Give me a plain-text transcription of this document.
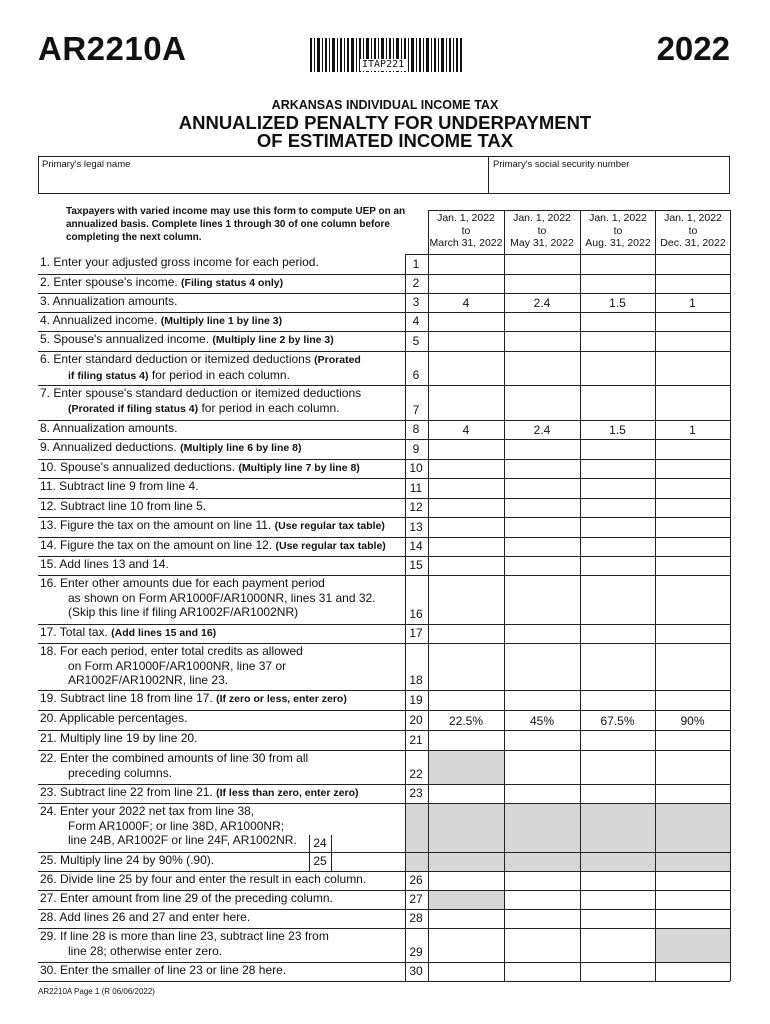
AR2210A	2022
ITAP221
ARKANSAS INDIVIDUAL INCOME TAX
ANNUALIZED PENALTY FOR UNDERPAYMENT
OF ESTIMATED INCOME TAX
Primary's legal name	Primary's social security number
Taxpayers with varied income may use this form to compute UEP on an annualized basis. Complete lines 1 through 30 of one column before completing the next column.
Jan. 1, 2022
to
March 31, 2022
Jan. 1, 2022
to
May 31, 2022
Jan. 1, 2022
to
Aug. 31, 2022
Jan. 1, 2022
to
Dec. 31, 2022
1. Enter your adjusted gross income for each period.	1
2. Enter spouse's income. (Filing status 4 only)	2
3. Annualization amounts.	3	4	2.4	1.5	1
4. Annualized income. (Multiply line 1 by line 3)	4
5. Spouse's annualized income. (Multiply line 2 by line 3)	5
6. Enter standard deduction or itemized deductions (Prorated
if filing status 4) for period in each column.	6
7. Enter spouse's standard deduction or itemized deductions
(Prorated if filing status 4) for period in each column.	7
8. Annualization amounts.	8	4	2.4	1.5	1
9. Annualized deductions. (Multiply line 6 by line 8)	9
10. Spouse's annualized deductions. (Multiply line 7 by line 8)	10
11. Subtract line 9 from line 4.	11
12. Subtract line 10 from line 5.	12
13. Figure the tax on the amount on line 11. (Use regular tax table)	13
14. Figure the tax on the amount on line 12. (Use regular tax table)	14
15. Add lines 13 and 14.	15
16. Enter other amounts due for each payment period
as shown on Form AR1000F/AR1000NR, lines 31 and 32.
(Skip this line if filing AR1002F/AR1002NR)	16
17. Total tax. (Add lines 15 and 16)	17
18. For each period, enter total credits as allowed
on Form AR1000F/AR1000NR, line 37 or
AR1002F/AR1002NR, line 23.	18
19. Subtract line 18 from line 17. (If zero or less, enter zero)	19
20. Applicable percentages.	20	22.5%	45%	67.5%	90%
21. Multiply line 19 by line 20.	21
22. Enter the combined amounts of line 30 from all
preceding columns.	22
23. Subtract line 22 from line 21. (If less than zero, enter zero)	23
24. Enter your 2022 net tax from line 38,
Form AR1000F; or line 38D, AR1000NR;
line 24B, AR1002F or line 24F, AR1002NR.	24
25. Multiply line 24 by 90% (.90).	25
26. Divide line 25 by four and enter the result in each column.	26
27. Enter amount from line 29 of the preceding column.	27
28. Add lines 26 and 27 and enter here.	28
29. If line 28 is more than line 23, subtract line 23 from
line 28; otherwise enter zero.	29
30. Enter the smaller of line 23 or line 28 here.	30
AR2210A Page 1 (R 06/06/2022)
